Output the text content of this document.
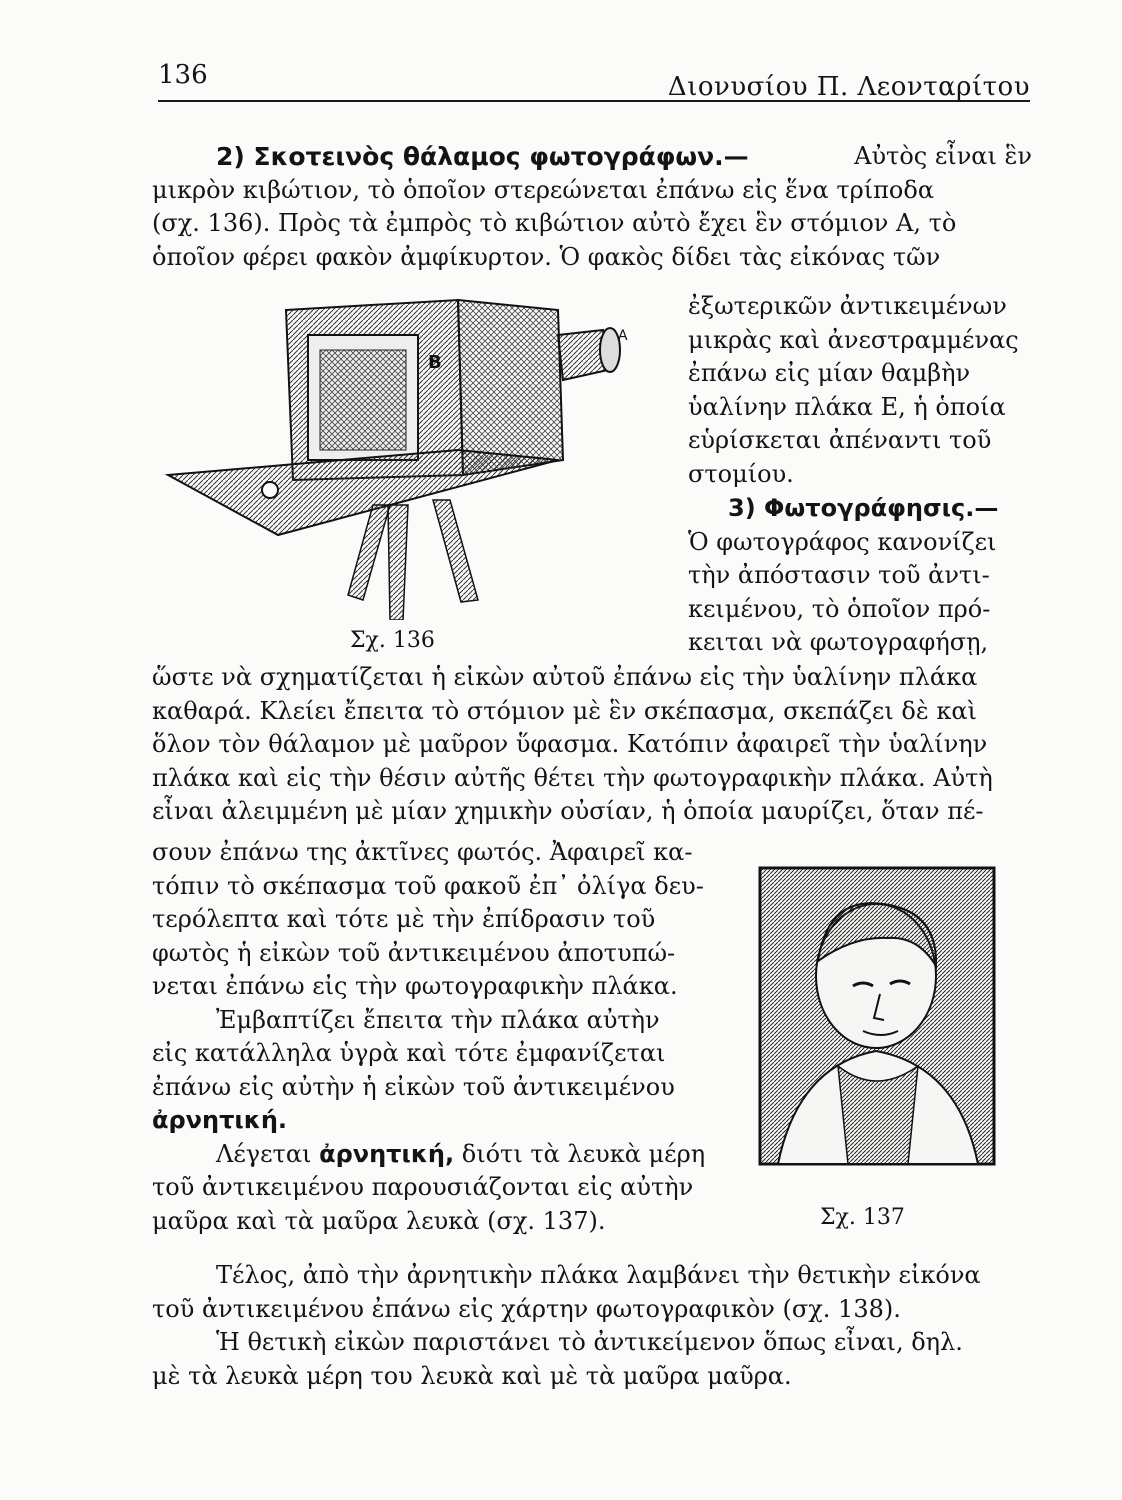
136	Διονυσίου Π. Λεονταρίτου
2) Σκοτεινὸς θάλαμος φωτογράφων.—	Αὐτὸς εἶναι ἓν
μικρὸν κιβώτιον, τὸ ὁποῖον στερεώνεται ἐπάνω εἰς ἕνα τρίποδα
(σχ. 136). Πρὸς τὰ ἐμπρὸς τὸ κιβώτιον αὐτὸ ἔχει ἓν στόμιον Α, τὸ
ὁποῖον φέρει φακὸν ἀμφίκυρτον. Ὁ φακὸς δίδει τὰς εἰκόνας τῶν
B
A
Σχ. 136
ἐξωτερικῶν ἀντικειμένων
μικρὰς καὶ ἀνεστραμμένας
ἐπάνω εἰς μίαν θαμβὴν
ὑαλίνην πλάκα Ε, ἡ ὁποία
εὑρίσκεται ἀπέναντι τοῦ
στομίου.
3) Φωτογράφησις.—
Ὁ φωτογράφος κανονίζει
τὴν ἀπόστασιν τοῦ ἀντι-
κειμένου, τὸ ὁποῖον πρό-
κειται νὰ φωτογραφήσῃ,
ὥστε νὰ σχηματίζεται ἡ εἰκὼν αὐτοῦ ἐπάνω εἰς τὴν ὑαλίνην πλάκα
καθαρά. Κλείει ἔπειτα τὸ στόμιον μὲ ἓν σκέπασμα, σκεπάζει δὲ καὶ
ὅλον τὸν θάλαμον μὲ μαῦρον ὕφασμα. Κατόπιν ἀφαιρεῖ τὴν ὑαλίνην
πλάκα καὶ εἰς τὴν θέσιν αὐτῆς θέτει τὴν φωτογραφικὴν πλάκα. Αὐτὴ
εἶναι ἀλειμμένη μὲ μίαν χημικὴν οὐσίαν, ἡ ὁποία μαυρίζει, ὅταν πέ-
σουν ἐπάνω της ἀκτῖνες φωτός. Ἀφαιρεῖ κα-
τόπιν τὸ σκέπασμα τοῦ φακοῦ ἐπ᾽ ὀλίγα δευ-
τερόλεπτα καὶ τότε μὲ τὴν ἐπίδρασιν τοῦ
φωτὸς ἡ εἰκὼν τοῦ ἀντικειμένου ἀποτυπώ-
νεται ἐπάνω εἰς τὴν φωτογραφικὴν πλάκα.
Ἐμβαπτίζει ἔπειτα τὴν πλάκα αὐτὴν
εἰς κατάλληλα ὑγρὰ καὶ τότε ἐμφανίζεται
ἐπάνω εἰς αὐτὴν ἡ εἰκὼν τοῦ ἀντικειμένου
ἀρνητική.
Λέγεται ἀρνητική, διότι τὰ λευκὰ μέρη
τοῦ ἀντικειμένου παρουσιάζονται εἰς αὐτὴν
μαῦρα καὶ τὰ μαῦρα λευκὰ (σχ. 137).	Σχ. 137
Τέλος, ἀπὸ τὴν ἀρνητικὴν πλάκα λαμβάνει τὴν θετικὴν εἰκόνα
τοῦ ἀντικειμένου ἐπάνω εἰς χάρτην φωτογραφικὸν (σχ. 138).
Ἡ θετικὴ εἰκὼν παριστάνει τὸ ἀντικείμενον ὅπως εἶναι, δηλ.
μὲ τὰ λευκὰ μέρη του λευκὰ καὶ μὲ τὰ μαῦρα μαῦρα.
